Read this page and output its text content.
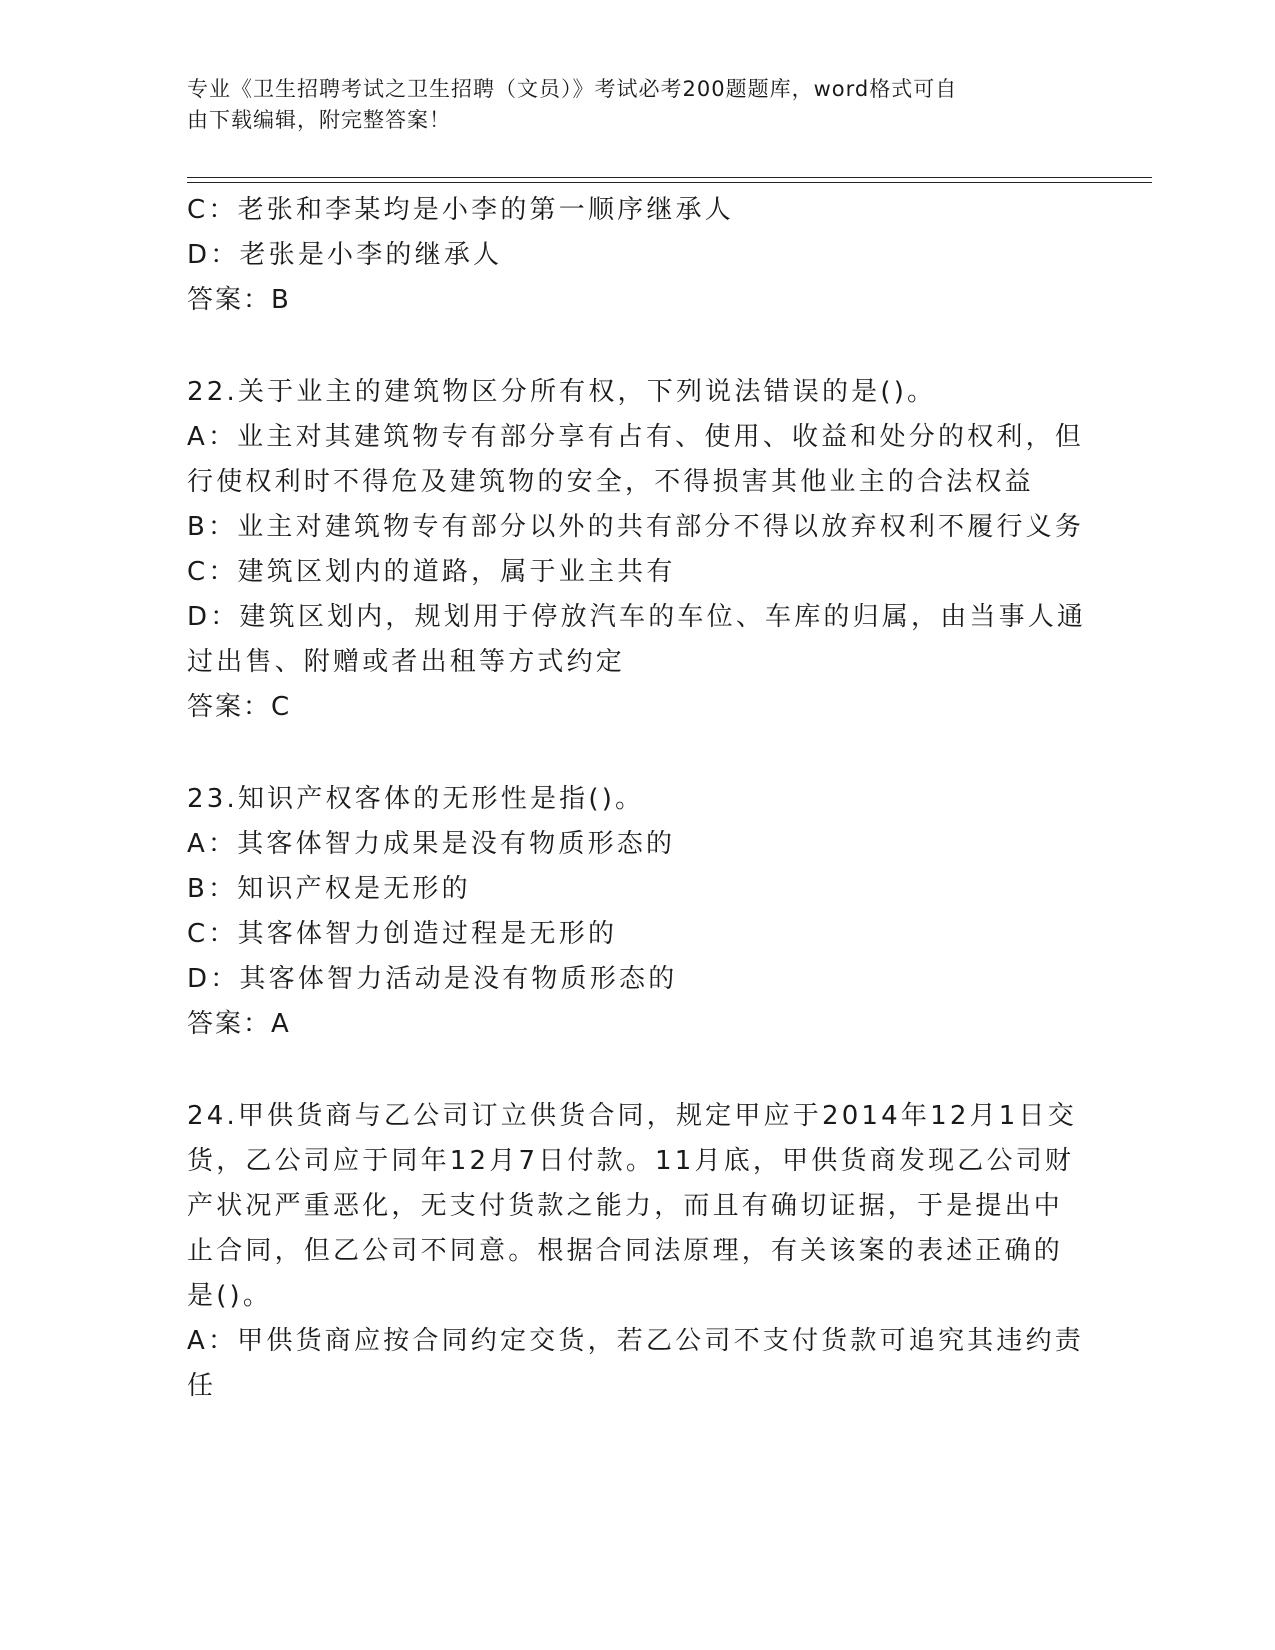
专业《卫生招聘考试之卫生招聘（文员）》考试必考200题题库，word格式可自
由下载编辑，附完整答案！
C：老张和李某均是小李的第一顺序继承人
D：老张是小李的继承人
答案：B
22.关于业主的建筑物区分所有权，下列说法错误的是()。
A：业主对其建筑物专有部分享有占有、使用、收益和处分的权利，但
行使权利时不得危及建筑物的安全，不得损害其他业主的合法权益
B：业主对建筑物专有部分以外的共有部分不得以放弃权利不履行义务
C：建筑区划内的道路，属于业主共有
D：建筑区划内，规划用于停放汽车的车位、车库的归属，由当事人通
过出售、附赠或者出租等方式约定
答案：C
23.知识产权客体的无形性是指()。
A：其客体智力成果是没有物质形态的
B：知识产权是无形的
C：其客体智力创造过程是无形的
D：其客体智力活动是没有物质形态的
答案：A
24.甲供货商与乙公司订立供货合同，规定甲应于2014年12月1日交
货，乙公司应于同年12月7日付款。11月底，甲供货商发现乙公司财
产状况严重恶化，无支付货款之能力，而且有确切证据，于是提出中
止合同，但乙公司不同意。根据合同法原理，有关该案的表述正确的
是()。
A：甲供货商应按合同约定交货，若乙公司不支付货款可追究其违约责
任
